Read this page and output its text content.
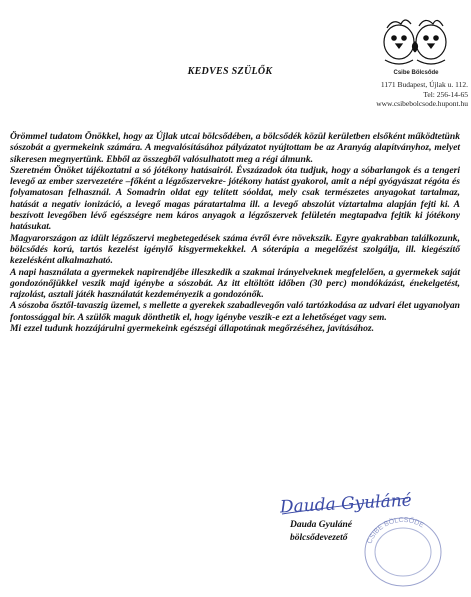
Csibe Bölcsőde
1171 Budapest, Újlak u. 112.
Tel: 256-14-65
www.csibebolcsode.hupont.hu
KEDVES SZÜLŐK

Örömmel tudatom Önökkel, hogy az Újlak utcai bölcsődében, a bölcsődék közül kerületben elsőként működtetünk sószobát a gyermekeink számára. A megvalósításához pályázatot nyújtottam be az Aranyág alapítványhoz, melyet sikeresen megnyertünk. Ebből az összegből valósulhatott meg a régi álmunk.

Szeretném Önöket tájékoztatni a só jótékony hatásairól. Évszázadok óta tudjuk, hogy a sóbarlangok és a tengeri levegő az ember szervezetére –főként a légzőszervekre- jótékony hatást gyakorol, amit a népi gyógyászat régóta és folyamatosan felhasznál. A Somadrin oldat egy telített sóoldat, mely csak természetes anyagokat tartalmaz, hatását a negatív ionizáció, a levegő magas páratartalma ill. a levegő abszolút víztartalma alapján fejti ki. A beszívott levegőben lévő egészségre nem káros anyagok a légzőszervek felületén megtapadva fejtik ki jótékony hatásukat.

Magyarországon az idült légzőszervi megbetegedések száma évről évre növekszik. Egyre gyakrabban találkozunk, bölcsődés korú, tartós kezelést igénylő kisgyermekekkel. A sóterápia a megelőzést szolgálja, ill. kiegészítő kezelésként alkalmazható.

A napi használata a gyermekek napirendjébe illeszkedik a szakmai irányelveknek megfelelően, a gyermekek saját gondozónőjükkel veszik majd igénybe a sószobát. Az itt eltöltött időben (30 perc) mondókázást, énekelgetést, rajzolást, asztali játék használatát kezdeményezik a gondozónők.

A sószoba ősztől-tavaszig üzemel, s mellette a gyerekek szabadlevegőn való tartózkodása az udvari élet ugyanolyan fontossággal bír. A szülők maguk dönthetik el, hogy igénybe veszik-e ezt a lehetőséget vagy sem.

Mi ezzel tudunk hozzájárulni gyermekeink egészségi állapotának megőrzéséhez, javításához.

CSIBE BÖLCSŐDE
Dauda Gyuláné
Dauda Gyuláné
bölcsődevezető
